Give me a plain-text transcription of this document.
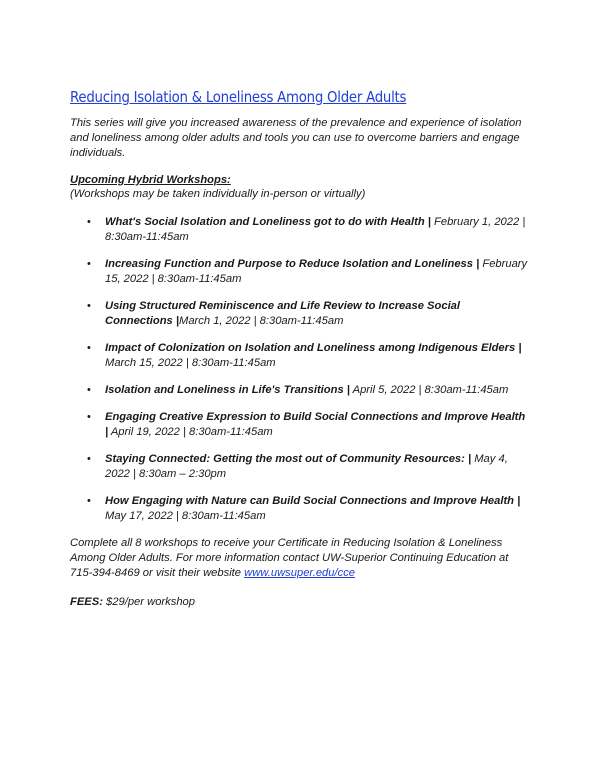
Reducing Isolation & Loneliness Among Older Adults

This series will give you increased awareness of the prevalence and experience of isolation and loneliness among older adults and tools you can use to overcome barriers and engage individuals.

Upcoming Hybrid Workshops:

(Workshops may be taken individually in-person or virtually)

• What's Social Isolation and Loneliness got to do with Health | February 1, 2022 | 8:30am-11:45am
• Increasing Function and Purpose to Reduce Isolation and Loneliness | February 15, 2022 | 8:30am-11:45am
• Using Structured Reminiscence and Life Review to Increase Social Connections |March 1, 2022 | 8:30am-11:45am
• Impact of Colonization on Isolation and Loneliness among Indigenous Elders | March 15, 2022 | 8:30am-11:45am
• Isolation and Loneliness in Life's Transitions | April 5, 2022 | 8:30am-11:45am
• Engaging Creative Expression to Build Social Connections and Improve Health | April 19, 2022 | 8:30am-11:45am
• Staying Connected: Getting the most out of Community Resources: | May 4, 2022 | 8:30am – 2:30pm
• How Engaging with Nature can Build Social Connections and Improve Health | May 17, 2022 | 8:30am-11:45am

Complete all 8 workshops to receive your Certificate in Reducing Isolation & Loneliness Among Older Adults. For more information contact UW-Superior Continuing Education at 715-394-8469 or visit their website www.uwsuper.edu/cce

FEES: $29/per workshop
